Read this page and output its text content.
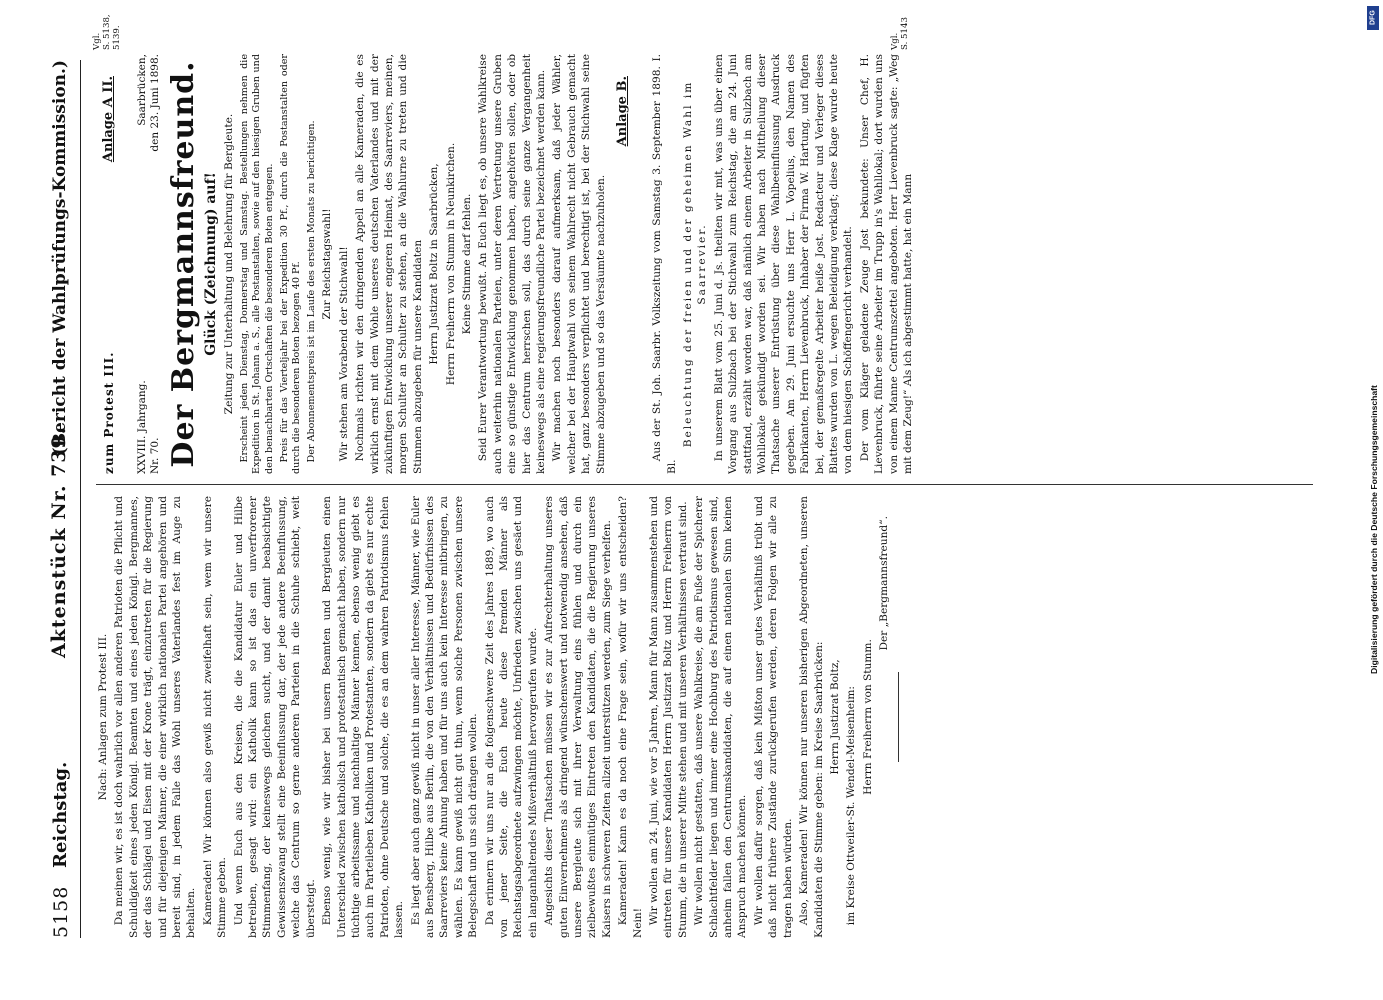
5158
Reichstag.
Aktenstück Nr. 739.
(Bericht der Wahlprüfungs-Kommission.)

Nach: Anlagen zum Protest III. Da meinen wir, es ist doch wahrlich vor allen anderen Patrioten die Pflicht und Schuldigkeit eines jeden Königl. Beamten und eines jeden Königl. Bergmannes, der das Schlägel und Eisen mit der Krone trägt, einzutreten für die Regierung und für diejenigen Männer, die einer wirklich nationalen Partei angehören und bereit sind, in jedem Falle das Wohl unseres Vaterlandes fest im Auge zu behalten. Kameraden! Wir können also gewiß nicht zweifelhaft sein, wem wir unsere Stimme geben. Und wenn Euch aus den Kreisen, die die Kandidatur Euler und Hilbe betreiben, gesagt wird: ein Katholik kann so ist das ein unverfrorener Stimmenfang, der keineswegs gleichen sucht, und der damit beabsichtigte Gewissenszwang stellt eine Beeinflussung dar, der jede andere Beeinflussung, welche das Centrum so gerne anderen Parteien in die Schuhe schiebt, weit übersteigt. Ebenso wenig, wie wir bisher bei unsern Beamten und Bergleuten einen Unterschied zwischen katholisch und protestantisch gemacht haben, sondern nur tüchtige arbeitssame und nachhaltige Männer kennen, ebenso wenig giebt es auch im Parteileben Katholiken und Protestanten, sondern da giebt es nur echte Patrioten, ohne Deutsche und solche, die es an dem wahren Patriotismus fehlen lassen. Es liegt aber auch ganz gewiß nicht in unser aller Interesse, Männer, wie Euler aus Bensberg, Hilbe aus Berlin, die von den Verhältnissen und Bedürfnissen des Saarreviers keine Ahnung haben und für uns auch kein Interesse mitbringen, zu wählen. Es kann gewiß nicht gut thun, wenn solche Personen zwischen unsere Belegschaft und uns sich drängen wollen. Da erinnern wir uns nur an die folgenschwere Zeit des Jahres 1889, wo auch von jener Seite, die Euch heute diese fremden Männer als Reichstagsabgeordnete aufzwingen möchte, Unfrieden zwischen uns gesäet und ein langanhaltendes Mißverhältniß hervorgerufen wurde. Angesichts dieser Thatsachen müssen wir es zur Aufrechterhaltung unseres guten Einvernehmens als dringend wünschenswert und notwendig ansehen, daß unsere Bergleute sich mit ihrer Verwaltung eins fühlen und durch ein zielbewußtes einmütiges Eintreten den Kandidaten, die die Regierung unseres Kaisers in schweren Zeiten allzeit unterstützen werden, zum Siege verhelfen. Kameraden! Kann es da noch eine Frage sein, wofür wir uns entscheiden? Nein! Wir wollen am 24. Juni, wie vor 5 Jahren, Mann für Mann zusammenstehen und eintreten für unsere Kandidaten Herrn Justizrat Boltz und Herrn Freiherrn von Stumm, die in unserer Mitte stehen und mit unseren Verhältnissen vertraut sind. Wir wollen nicht gestatten, daß unsere Wahlkreise, die am Fuße der Spicherer Schlachtfelder liegen und immer eine Hochburg des Patriotismus gewesen sind, anheim fallen den Centrumskandidaten, die auf einen nationalen Sinn keinen Anspruch machen können. Wir wollen dafür sorgen, daß kein Mißton unser gutes Verhältniß trübt und daß nicht frühere Zustände zurückgerufen werden, deren Folgen wir alle zu tragen haben würden. Also, Kameraden! Wir können nur unseren bisherigen Abgeordneten, unseren Kandidaten die Stimme geben: im Kreise Saarbrücken: Herrn Justizrat Boltz, im Kreise Ottweiler-St. Wendel-Meisenheim: Herrn Freiherrn von Stumm.

Der „Bergmannsfreund“.

zum Protest III.
Anlage A II.
XXVIII. Jahrgang.
Nr. 70.
Saarbrücken,
den 23. Juni 1898. Der Bergmannsfreund. Glück (Zeichnung) auf! Zeitung zur Unterhaltung und Belehrung für Bergleute. Erscheint jeden Dienstag, Donnerstag und Samstag. Bestellungen nehmen die Expedition in St. Johann a. S., alle Postanstalten, sowie auf den hiesigen Gruben und den benachbarten Ortschaften die besonderen Boten entgegen. Preis für das Vierteljahr bei der Expedition 30 Pf., durch die Postanstalten oder durch die besonderen Boten bezogen 40 Pf. Der Abonnementspreis ist im Laufe des ersten Monats zu berichtigen. Zur Reichstagswahl! Wir stehen am Vorabend der Stichwahl! Nochmals richten wir den dringenden Appell an alle Kameraden, die es wirklich ernst mit dem Wohle unseres deutschen Vaterlandes und mit der zukünftigen Entwicklung unserer engeren Heimat, des Saarreviers, meinen, morgen Schulter an Schulter zu stehen, an die Wahlurne zu treten und die Stimmen abzugeben für unsere Kandidaten Herrn Justizrat Boltz in Saarbrücken, Herrn Freiherrn von Stumm in Neunkirchen. Keine Stimme darf fehlen. Seid Eurer Verantwortung bewußt. An Euch liegt es, ob unsere Wahlkreise auch weiterhin nationalen Parteien, unter deren Vertretung unsere Gruben eine so günstige Entwicklung genommen haben, angehören sollen, oder ob hier das Centrum herrschen soll, das durch seine ganze Vergangenheit keineswegs als eine regierungsfreundliche Partei bezeichnet werden kann. Wir machen noch besonders darauf aufmerksam, daß jeder Wähler, welcher bei der Hauptwahl von seinem Wahlrecht nicht Gebrauch gemacht hat, ganz besonders verpflichtet und berechtigt ist, bei der Stichwahl seine Stimme abzugeben und so das Versäumte nachzuholen.

Anlage B. Aus der St. Joh. Saarbr. Volkszeitung vom Samstag 3. September 1898. I. Bl.

Beleuchtung der freien und der geheimen Wahl im Saarrevier. In unserem Blatt vom 25. Juni d. Js. theilten wir mit, was uns über einen Vorgang aus Sulzbach bei der Stichwahl zum Reichstag, die am 24. Juni stattfand, erzählt worden war, daß nämlich einem Arbeiter in Sulzbach am Wohllokale gekündigt worden sei. Wir haben nach Mittheilung dieser Thatsache unserer Entrüstung über diese Wahlbeeinflussung Ausdruck gegeben. Am 29. Juni ersuchte uns Herr L. Vopelius, den Namen des Fabrikanten, Herrn Lievenbruck, Inhaber der Firma W. Hartung, und fügten bei, der gemaßregelte Arbeiter heiße Jost. Redacteur und Verleger dieses Blattes wurden von L. wegen Beleidigung verklagt; diese Klage wurde heute von dem hiesigen Schöffengericht verhandelt. Der vom Kläger geladene Zeuge Jost bekundete: Unser Chef, H. Lievenbruck, führte seine Arbeiter im Trupp in's Wahllokal; dort wurden uns von einem Manne Centrumszettel angeboten. Herr Lievenbruck sagte: „Weg mit dem Zeug!“ Als ich abgestimmt hatte, hat ein Mann

Vgl.
S. 5138,
5139.	Vgl.
S. 5143	DFG
Digitalisierung gefördert durch die Deutsche Forschungsgemeinschaft
